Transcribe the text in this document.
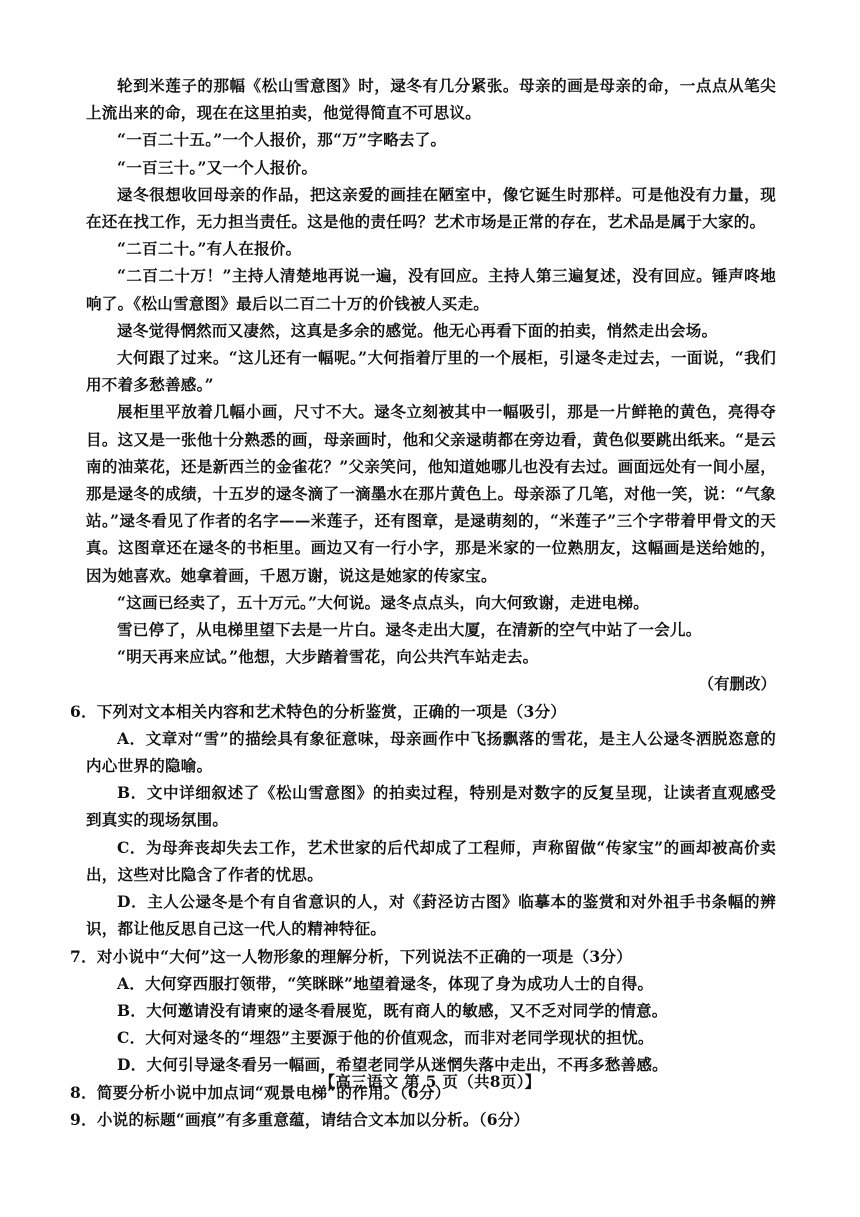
轮到米莲子的那幅《松山雪意图》时，逯冬有几分紧张。母亲的画是母亲的命，一点点从笔尖上流出来的命，现在在这里拍卖，他觉得简直不可思议。

“一百二十五。”一个人报价，那“万”字略去了。

“一百三十。”又一个人报价。

逯冬很想收回母亲的作品，把这亲爱的画挂在陋室中，像它诞生时那样。可是他没有力量，现在还在找工作，无力担当责任。这是他的责任吗？艺术市场是正常的存在，艺术品是属于大家的。

“二百二十。”有人在报价。

“二百二十万！”主持人清楚地再说一遍，没有回应。主持人第三遍复述，没有回应。锤声咚地响了。《松山雪意图》最后以二百二十万的价钱被人买走。

逯冬觉得惘然而又凄然，这真是多余的感觉。他无心再看下面的拍卖，悄然走出会场。

大何跟了过来。“这儿还有一幅呢。”大何指着厅里的一个展柜，引逯冬走过去，一面说，“我们用不着多愁善感。”

展柜里平放着几幅小画，尺寸不大。逯冬立刻被其中一幅吸引，那是一片鲜艳的黄色，亮得夺目。这又是一张他十分熟悉的画，母亲画时，他和父亲逯萌都在旁边看，黄色似要跳出纸来。“是云南的油菜花，还是新西兰的金雀花？”父亲笑问，他知道她哪儿也没有去过。画面远处有一间小屋，那是逯冬的成绩，十五岁的逯冬滴了一滴墨水在那片黄色上。母亲添了几笔，对他一笑，说：“气象站。”逯冬看见了作者的名字——米莲子，还有图章，是逯萌刻的，“米莲子”三个字带着甲骨文的天真。这图章还在逯冬的书柜里。画边又有一行小字，那是米家的一位熟朋友，这幅画是送给她的，因为她喜欢。她拿着画，千恩万谢，说这是她家的传家宝。

“这画已经卖了，五十万元。”大何说。逯冬点点头，向大何致谢，走进电梯。

雪已停了，从电梯里望下去是一片白。逯冬走出大厦，在清新的空气中站了一会儿。

“明天再来应试。”他想，大步踏着雪花，向公共汽车站走去。

（有删改）

6．下列对文本相关内容和艺术特色的分析鉴赏，正确的一项是（3分）

A．文章对“雪”的描绘具有象征意味，母亲画作中飞扬飘落的雪花，是主人公逯冬洒脱恣意的内心世界的隐喻。

B．文中详细叙述了《松山雪意图》的拍卖过程，特别是对数字的反复呈现，让读者直观感受到真实的现场氛围。

C．为母奔丧却失去工作，艺术世家的后代却成了工程师，声称留做“传家宝”的画却被高价卖出，这些对比隐含了作者的忧思。

D．主人公逯冬是个有自省意识的人，对《葑泾访古图》临摹本的鉴赏和对外祖手书条幅的辨识，都让他反思自己这一代人的精神特征。

7．对小说中“大何”这一人物形象的理解分析，下列说法不正确的一项是（3分）

A．大何穿西服打领带，“笑眯眯”地望着逯冬，体现了身为成功人士的自得。

B．大何邀请没有请柬的逯冬看展览，既有商人的敏感，又不乏对同学的情意。

C．大何对逯冬的“埋怨”主要源于他的价值观念，而非对老同学现状的担忧。

D．大何引导逯冬看另一幅画，希望老同学从迷惘失落中走出，不再多愁善感。

8．简要分析小说中加点词“观景电梯”的作用。（6分）

9．小说的标题“画痕”有多重意蕴，请结合文本加以分析。（6分）

【高三语文 第 5 页（共8页）】
